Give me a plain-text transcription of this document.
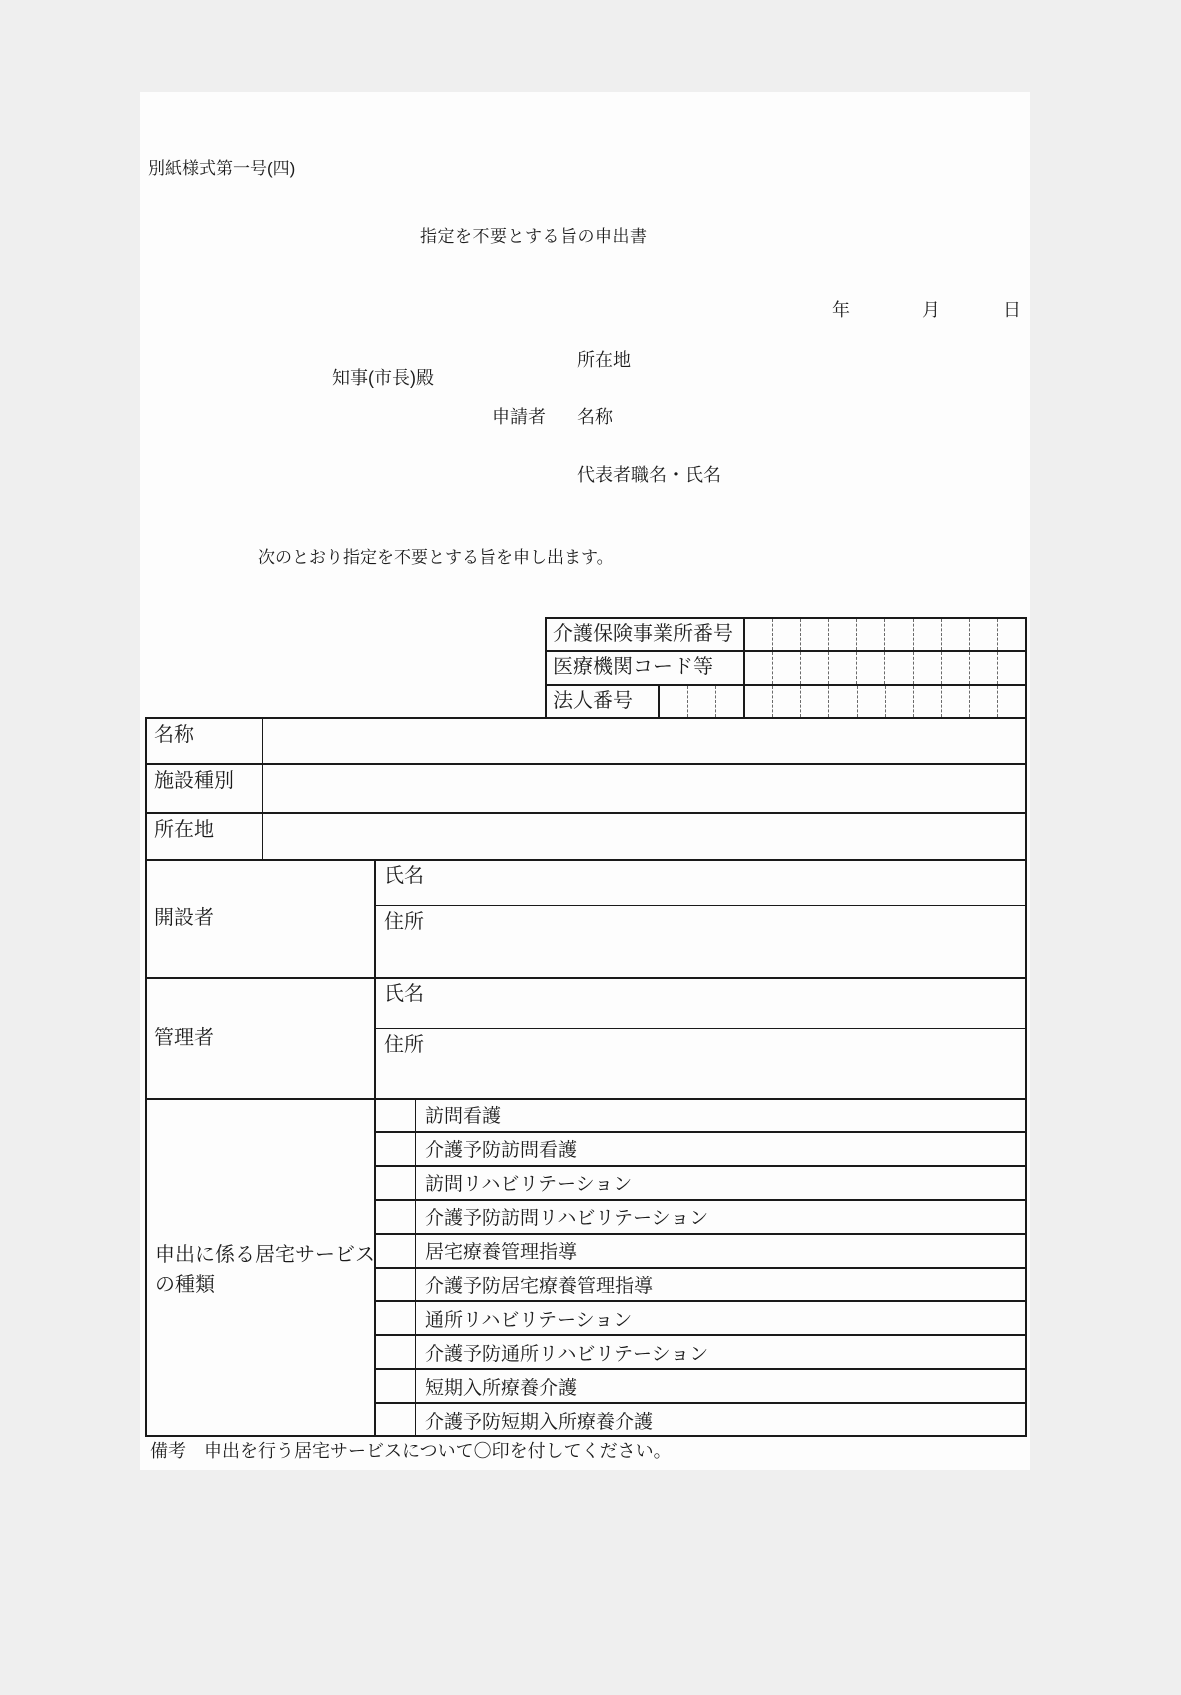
別紙様式第一号(四)
指定を不要とする旨の申出書
年	月	日
所在地
知事(市長)殿
申請者 名称
代表者職名・氏名
次のとおり指定を不要とする旨を申し出ます。
介護保険事業所番号
医療機関コード等
法人番号
名称
施設種別
所在地
開設者
氏名
住所
管理者
氏名
住所
申出に係る居宅サービスの種類
訪問看護
介護予防訪問看護
訪問リハビリテーション
介護予防訪問リハビリテーション
居宅療養管理指導
介護予防居宅療養管理指導
通所リハビリテーション
介護予防通所リハビリテーション
短期入所療養介護
介護予防短期入所療養介護
備考　申出を行う居宅サービスについて〇印を付してください。
